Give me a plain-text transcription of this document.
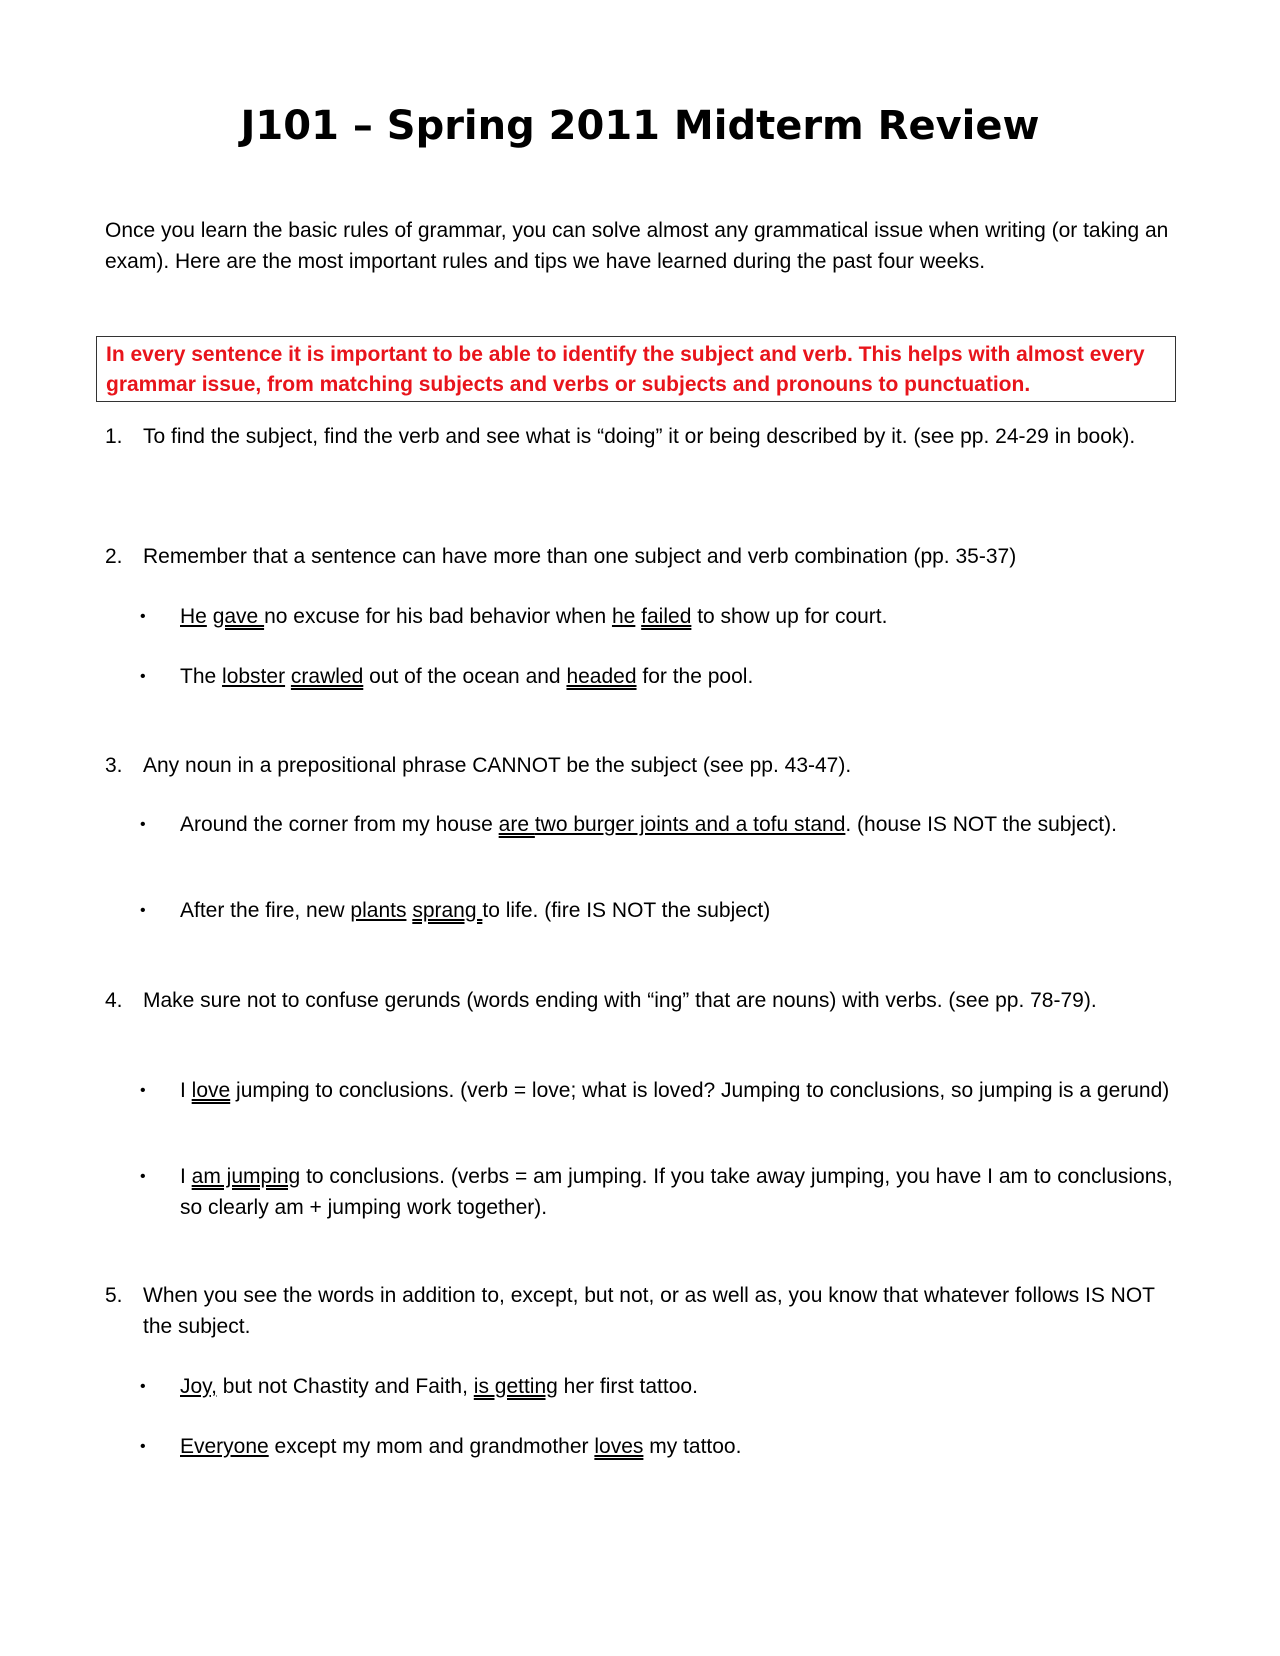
J101 – Spring 2011 Midterm Review

Once you learn the basic rules of grammar, you can solve almost any grammatical issue when writing (or taking an exam). Here are the most important rules and tips we have learned during the past four weeks.

In every sentence it is important to be able to identify the subject and verb. This helps with almost every grammar issue, from matching subjects and verbs or subjects and pronouns to punctuation.

1. To find the subject, find the verb and see what is “doing” it or being described by it. (see pp. 24-29 in book).
2. Remember that a sentence can have more than one subject and verb combination (pp. 35-37)
•	He gave no excuse for his bad behavior when he failed to show up for court.
•	The lobster crawled out of the ocean and headed for the pool.
3. Any noun in a prepositional phrase CANNOT be the subject (see pp. 43-47).
•	Around the corner from my house are two burger joints and a tofu stand. (house IS NOT the subject).
•	After the fire, new plants sprang to life. (fire IS NOT the subject)
4. Make sure not to confuse gerunds (words ending with “ing” that are nouns) with verbs. (see pp. 78-79).
•	I love jumping to conclusions. (verb = love; what is loved? Jumping to conclusions, so jumping is a gerund)
•	I am jumping to conclusions. (verbs = am jumping. If you take away jumping, you have I am to conclusions, so clearly am + jumping work together).
5. When you see the words in addition to, except, but not, or as well as, you know that whatever follows IS NOT the subject.
•	Joy, but not Chastity and Faith, is getting her first tattoo.
•	Everyone except my mom and grandmother loves my tattoo.
